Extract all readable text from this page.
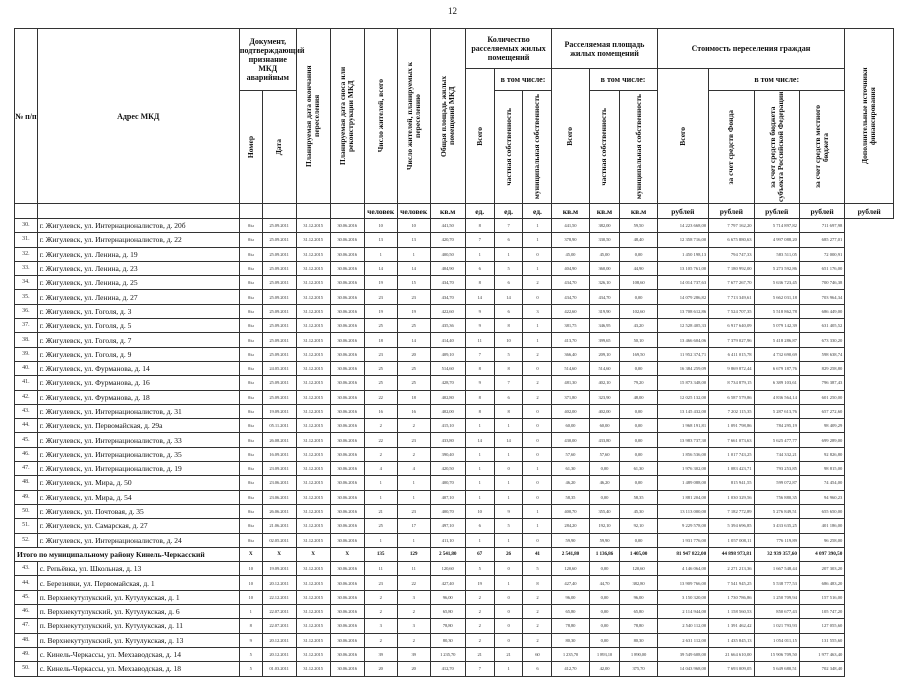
12
№ п/п	Адрес МКД	Документ, подтверждающий признание МКД аварийным		Планируемая дата окончания переселения	Планируемая дата сноса или реконструкции МКД	Число жителей, всего	Число жителей, планируемых к переселению	Общая площадь жилых помещений МКД	Количество расселяемых жилых помещений			Расселяемая площадь жилых помещений			Стоимость переселения граждан				Дополнительные источники финансирования

									Всего	в том числе:		Всего	в том числе:		Всего	в том числе:			

		Номер	Дата							частная собственность	муниципальная собственность		частная собственность	муниципальная собственность		за счет средств Фонда	за счет средств бюджета субъекта Российской Федерации	за счет средств местного бюджета	

						человек	человек	кв.м	ед.	ед.	ед.	кв.м	кв.м	кв.м	рублей	рублей	рублей	рублей	рублей
30.	г. Жигулевск, ул. Интернационалистов, д. 20б	0/н	25.09.2011	31.12.2015	30.06.2016	10	10	441,50	8	7	1	441,50	382,00	59,50	14 223 668,00	7 797 162,20	5 714 897,82	711 697,98	
31.	г. Жигулевск, ул. Интернационалистов, д. 22	0/н	25.09.2011	31.12.2015	30.06.2016	13	13	420,70	7	6	1	378,90	330,50	48,40	12 358 716,00	6 675 880,63	4 997 088,20	685 277,01	
32.	г. Жигулевск, ул. Ленина, д. 19	0/н	25.09.2011	31.12.2015	30.06.2016	1	1	400,50	1	1	0	45,00	45,00	0,00	1 450 198,13	794 747,33	583 511,05	72 000,91	
33.	г. Жигулевск, ул. Ленина, д. 23	0/н	25.09.2011	31.12.2015	30.06.2016	14	14	404,90	6	5	1	404,90	360,00	44,90	13 105 761,00	7 180 992,00	5 273 592,86	651 176,00	
34.	г. Жигулевск, ул. Ленина, д. 25	0/н	25.09.2011	31.12.2015	30.06.2016	19	15	434,70	8	6	2	434,70	326,10	108,60	14 014 737,63	7 677 267,70	5 636 723,45	700 746,38	
35.	г. Жигулевск, ул. Ленина, д. 27	0/н	25.09.2011	31.12.2015	30.06.2016	23	23	434,70	14	14	0	434,70	434,70	0,00	14 079 286,82	7 713 349,61	5 662 031,18	703 964,34	
36.	г. Жигулевск, ул. Гоголя, д. 3	0/н	25.09.2011	31.12.2015	30.06.2016	19	19	422,60	9	6	3	422,60	319,90	102,60	13 708 612,86	7 524 707,35	5 518 862,78	686 449,00	
37.	г. Жигулевск, ул. Гоголя, д. 5	0/н	25.09.2011	31.12.2015	30.06.2016	25	25	435,36	9	8	1	381,75	346,95	43,20	12 528 405,33	6 917 640,09	5 079 142,39	631 405,52	
38.	г. Жигулевск, ул. Гоголя, д. 7	0/н	25.09.2011	31.12.2015	30.06.2016	18	14	414,40	11	10	1	413,70	399,65	50,10	13 466 604,06	7 379 027,96	5 418 286,87	673 330,20	
39.	г. Жигулевск, ул. Гоголя, д. 9	0/н	25.09.2011	31.12.2015	30.06.2016	23	20	409,10	7	5	2	366,40	209,10	169,50	11 952 374,71	6 411 015,78	4 732 690,69	598 638,74	
40.	г. Жигулевск, ул. Фурманова, д. 14	0/н	24.05.2011	31.12.2015	30.06.2016	25	25	514,60	8	8	0	514,60	514,60	0,00	16 384 259,09	9 869 872,44	6 679 187,76	829 258,80	
41.	г. Жигулевск, ул. Фурманова, д. 16	0/н	25.09.2011	31.12.2015	30.06.2016	25	25	428,70	9	7	2	481,30	402,10	79,20	15 873 348,00	8 734 879,15	6 389 103,61	796 387,43	
42.	г. Жигулевск, ул. Фурманова, д. 18	0/н	25.09.2011	31.12.2015	30.06.2016	22	18	402,80	8	6	2	371,80	323,90	48,00	12 025 132,00	6 587 579,86	4 836 564,14	601 250,00	
43.	г. Жигулевск, ул. Интернационалистов, д. 31	0/н	19.09.2011	31.12.2015	30.06.2016	16	16	402,00	8	8	0	402,00	402,00	0,00	13 145 432,00	7 202 115,35	5 287 613,76	657 272,60	
44.	г. Жигулевск, ул. Первомайская, д. 29а	0/н	05.11.2011	31.12.2015	30.06.2016	2	2	415,10	1	1	0	60,00	60,00	0,00	1 968 191,81	1 091 798,86	784 295,19	98 409,29	
45.	г. Жигулевск, ул. Интернационалистов, д. 33	0/н	26.08.2011	31.12.2015	30.06.2016	22	23	433,80	14	14	0	430,00	433,80	0,00	13 983 737,30	7 661 073,63	5 625 477,77	699 289,00	
46.	г. Жигулевск, ул. Интернационалистов, д. 35	0/н	16.09.2011	31.12.2015	30.06.2016	2	2	390,40	1	1	0	57,60	57,60	0,00	1 856 536,00	1 017 743,25	744 332,21	92 826,80	
47.	г. Жигулевск, ул. Интернационалистов, д. 19	0/н	23.09.2011	31.12.2015	30.06.2016	4	4	420,50	1	0	1	61,30	0,00	61,30	1 976 302,00	1 083 423,71	793 253,85	98 815,00	
48.	г. Жигулевск, ул. Мира, д. 50	0/н	23.06.2011	31.12.2015	30.06.2016	1	1	400,70	1	1	0	46,20	46,20	0,00	1 489 088,00	815 941,55	599 072,87	74 454,00	
49.	г. Жигулевск, ул. Мира, д. 54	0/н	23.06.2011	31.12.2015	30.06.2016	1	1	407,10	1	1	0	58,35	0,00	58,35	1 881 204,00	1 030 329,56	756 880,35	94 960,23	
50.	г. Жигулевск, ул. Почтовая, д. 35	0/н	26.06.2011	31.12.2015	30.06.2016	21	23	400,70	10	9	1	400,70	355,40	45,30	13 113 000,00	7 182 772,89	5 276 849,51	655 650,00	
51.	г. Жигулевск, ул. Самарская, д. 27	0/н	21.06.2011	31.12.2015	30.06.2016	25	17	497,10	6	5	1	284,20	192,10	92,10	9 229 578,00	5 394 696,85	3 433 635,25	401 186,00	
52.	г. Жигулевск, ул. Интернационалистов, д. 24	0/н	02.05.2011	31.12.2015	30.06.2016	1	1	411,10	1	1	0	59,90	59,90	0,00	1 931 776,00	1 057 008,11	776 119,89	96 258,00	
Итого по муниципальному району Кинель-Черкасский		X	X	X	X	135	129	2 541,80	67	26	41	2 541,80	1 136,86	1 405,00	81 947 822,00	44 898 973,81	32 939 357,60	4 097 390,50	
43.	с. Репьёвка, ул. Школьная, д. 13	10	19.09.2011	31.12.2015	30.06.2016	11	11	120,60	5	0	5	120,60	0,00	120,60	4 146 064,00	2 271 213,36	1 667 548,44	207 303,20	
44.	с. Березняки, ул. Первомайская, д. 1	10	20.12.2011	31.12.2015	30.06.2016	23	22	427,40	19	1	8	427,40	44,70	382,80	13 909 766,00	7 541 945,25	5 538 777,53	686 483,20	
45.	п. Верхнекутулукский, ул. Кутулукская, д. 1	10	22.12.2011	31.12.2015	30.06.2016	2	3	96,00	2	0	2	96,00	0,00	96,00	3 150 320,00	1 730 786,86	1 250 709,94	157 516,00	
46.	п. Верхнекутулукский, ул. Кутулукская, д. 6	1	22.07.2011	31.12.2015	30.06.2016	2	2	65,80	2	0	2	65,80	0,00	65,80	2 114 944,00	1 158 560,53	850 677,43	105 747,20	
47.	п. Верхнекутулукский, ул. Кутулукская, д. 11	8	22.07.2011	31.12.2015	30.06.2016	3	3	78,80	2	0	2	78,80	0,00	78,80	2 540 112,00	1 391 462,42	1 021 793,93	127 055,60	
48.	п. Верхнекутулукский, ул. Кутулукская, д. 13	9	20.12.2011	31.12.2015	30.06.2016	2	2	80,30	2	0	2	80,30	0,00	80,30	2 631 112,00	1 435 845,13	1 054 011,15	131 555,60	
49.	с. Кинель-Черкассы, ул. Мехзаводская, д. 14	5	20.12.2011	31.12.2015	30.06.2016	39	39	1 235,70	21	21	60	1 235,70	1 893,10	1 890,00	39 549 608,00	21 664 610,00	15 906 709,50	1 977 463,40	
50.	с. Кинель-Черкассы, ул. Мехзаводская, д. 18	5	01.03.2011	31.12.2015	30.06.2016	20	20	412,70	7	1	6	412,70	42,00	375,70	14 043 968,00	7 693 009,05	5 649 680,51	702 348,40	
